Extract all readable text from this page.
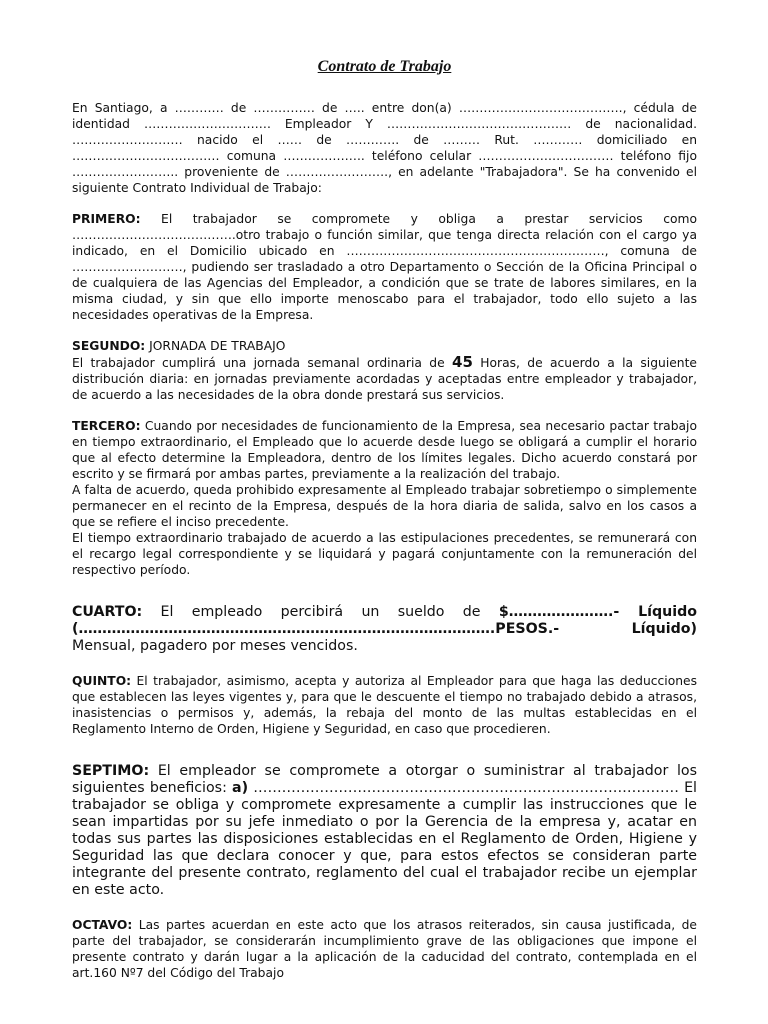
Contrato de Trabajo

En Santiago, a ………… de …………… de ….. entre don(a) …………………………………., cédula de identidad …………………………. Empleador Y ……………………………………… de nacionalidad. ……………………… nacido el …… de …………. de ……… Rut. ………… domiciliado en ……………………………… comuna ……………….. teléfono celular …………………………… teléfono fijo …………………….. proveniente de ……………………., en adelante "Trabajadora". Se ha convenido el siguiente Contrato Individual de Trabajo:

PRIMERO: El trabajador se compromete y obliga a prestar servicios como ………………………………….otro trabajo o función similar, que tenga directa relación con el cargo ya indicado, en el Domicilio ubicado en ………………………………………………………, comuna de ………………………, pudiendo ser trasladado a otro Departamento o Sección de la Oficina Principal o de cualquiera de las Agencias del Empleador, a condición que se trate de labores similares, en la misma ciudad, y sin que ello importe menoscabo para el trabajador, todo ello sujeto a las necesidades operativas de la Empresa.

SEGUNDO: JORNADA DE TRABAJO
El trabajador cumplirá una jornada semanal ordinaria de 45 Horas, de acuerdo a la siguiente distribución diaria: en jornadas previamente acordadas y aceptadas entre empleador y trabajador, de acuerdo a las necesidades de la obra donde prestará sus servicios.

TERCERO: Cuando por necesidades de funcionamiento de la Empresa, sea necesario pactar trabajo en tiempo extraordinario, el Empleado que lo acuerde desde luego se obligará a cumplir el horario que al efecto determine la Empleadora, dentro de los límites legales. Dicho acuerdo constará por escrito y se firmará por ambas partes, previamente a la realización del trabajo.

A falta de acuerdo, queda prohibido expresamente al Empleado trabajar sobretiempo o simplemente permanecer en el recinto de la Empresa, después de la hora diaria de salida, salvo en los casos a que se refiere el inciso precedente.

El tiempo extraordinario trabajado de acuerdo a las estipulaciones precedentes, se remunerará con el recargo legal correspondiente y se liquidará y pagará conjuntamente con la remuneración del respectivo período.

CUARTO: El empleado percibirá un sueldo de $………………….- Líquido (…………………………………………………………………………….PESOS.- Líquido) Mensual, pagadero por meses vencidos.

QUINTO: El trabajador, asimismo, acepta y autoriza al Empleador para que haga las deducciones que establecen las leyes vigentes y, para que le descuente el tiempo no trabajado debido a atrasos, inasistencias o permisos y, además, la rebaja del monto de las multas establecidas en el Reglamento Interno de Orden, Higiene y Seguridad, en caso que procedieren.

SEPTIMO: El empleador se compromete a otorgar o suministrar al trabajador los siguientes beneficios: a) ……………………………………………………………………………… El trabajador se obliga y compromete expresamente a cumplir las instrucciones que le sean impartidas por su jefe inmediato o por la Gerencia de la empresa y, acatar en todas sus partes las disposiciones establecidas en el Reglamento de Orden, Higiene y Seguridad las que declara conocer y que, para estos efectos se consideran parte integrante del presente contrato, reglamento del cual el trabajador recibe un ejemplar en este acto.

OCTAVO: Las partes acuerdan en este acto que los atrasos reiterados, sin causa justificada, de parte del trabajador, se considerarán incumplimiento grave de las obligaciones que impone el presente contrato y darán lugar a la aplicación de la caducidad del contrato, contemplada en el art.160 Nº7 del Código del Trabajo
